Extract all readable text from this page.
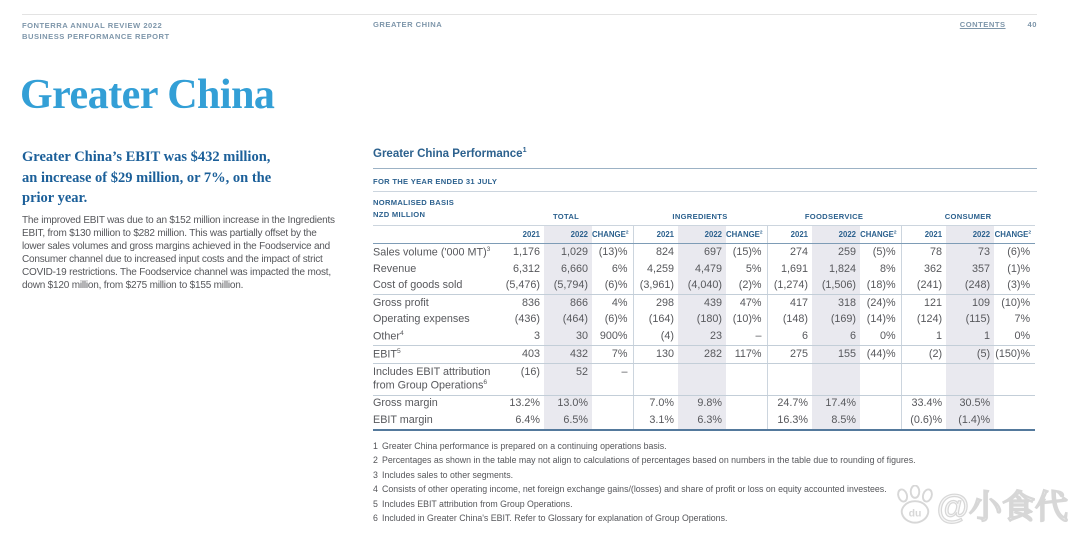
FONTERRA ANNUAL REVIEW 2022
BUSINESS PERFORMANCE REPORT
GREATER CHINA	CONTENTS	40
Greater China
Greater China’s EBIT was $432 million,
an increase of $29 million, or 7%, on the
prior year.
The improved EBIT was due to an $152 million increase in the Ingredients
EBIT, from $130 million to $282 million. This was partially offset by the
lower sales volumes and gross margins achieved in the Foodservice and
Consumer channel due to increased input costs and the impact of strict
COVID-19 restrictions. The Foodservice channel was impacted the most,
down $120 million, from $275 million to $155 million.
Greater China Performance$^1$
FOR THE YEAR ENDED 31 JULY
NORMALISED BASIS
NZD MILLION	TOTAL			INGREDIENTS			FOODSERVICE			CONSUMER		
	2021	2022	CHANGE$^2$	2021	2022	CHANGE$^2$	2021	2022	CHANGE$^2$	2021	2022	CHANGE$^2$
Sales volume ('000 MT)$^3$	1,176	1,029	(13)%	824	697	(15)%	274	259	(5)%	78	73	(6)%
Revenue	6,312	6,660	6%	4,259	4,479	5%	1,691	1,824	8%	362	357	(1)%
Cost of goods sold	(5,476)	(5,794)	(6)%	(3,961)	(4,040)	(2)%	(1,274)	(1,506)	(18)%	(241)	(248)	(3)%
Gross profit	836	866	4%	298	439	47%	417	318	(24)%	121	109	(10)%
Operating expenses	(436)	(464)	(6)%	(164)	(180)	(10)%	(148)	(169)	(14)%	(124)	(115)	7%
Other$^4$	3	30	900%	(4)	23	–	6	6	0%	1	1	0%
EBIT$^5$	403	432	7%	130	282	117%	275	155	(44)%	(2)	(5)	(150)%
Includes EBIT attribution
from Group Operations$^6$	(16)	52	–									
Gross margin	13.2%	13.0%		7.0%	9.8%		24.7%	17.4%		33.4%	30.5%	
EBIT margin	6.4%	6.5%		3.1%	6.3%		16.3%	8.5%		(0.6)%	(1.4)%	
1 Greater China performance is prepared on a continuing operations basis.
2 Percentages as shown in the table may not align to calculations of percentages based on numbers in the table due to rounding of figures.
3 Includes sales to other segments.
4 Consists of other operating income, net foreign exchange gains/(losses) and share of profit or loss on equity accounted investees.
5 Includes EBIT attribution from Group Operations.
6 Included in Greater China's EBIT. Refer to Glossary for explanation of Group Operations.	du @小食代
